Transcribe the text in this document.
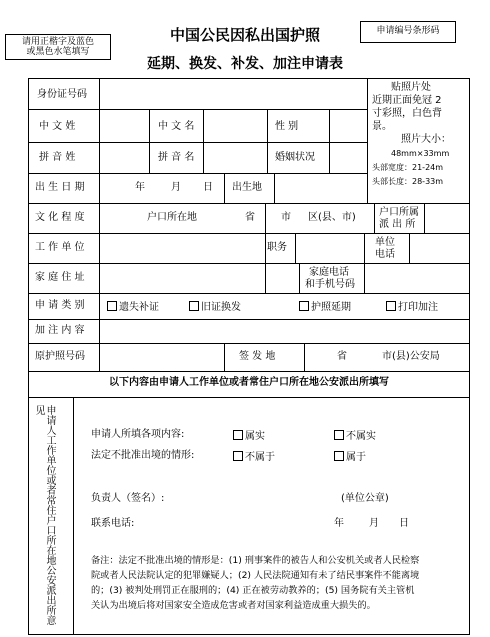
请用正楷字及蓝色
或黑色水笔填写
申请编号条形码
中国公民因私出国护照
延期、换发、补发、加注申请表
贴照片处
近期正面免冠 2
寸彩照，白色背
景。
照片大小：
48mm×33mm
头部宽度：21-24m
头部长度：28-33m
身份证号码
中 文 姓	中 文 名	性 别
拼 音 姓	拼 音 名	婚姻状况
出 生 日 期	年	月 日 出生地
文 化 程 度	户口所在地	省	市 区(县、市) 户口所属
派 出 所
工 作 单 位	职务	单位
电话
家 庭 住 址	家庭电话
和手机号码
申 请 类 别	遗失补证	旧证换发	护照延期	打印加注
加 注 内 容
原护照号码	签 发 地	省	市(县)公安局
以下内容由申请人工作单位或者常住户口所在地公安派出所填写
申请人工作单位或者常住户口所在地公安派出所意见
申请人所填各项内容:	属实	不属实
法定不批准出境的情形:	不属于	属于
负责人（签名）:	(单位公章)
联系电话:	年	月 日
备注：法定不批准出境的情形是：(1) 刑事案件的被告人和公安机关或者人民检察
院或者人民法院认定的犯罪嫌疑人；(2) 人民法院通知有未了结民事案件不能离境
的；(3) 被判处刑罚正在服刑的；(4) 正在被劳动教养的；(5) 国务院有关主管机
关认为出境后将对国家安全造成危害或者对国家利益造成重大损失的。
